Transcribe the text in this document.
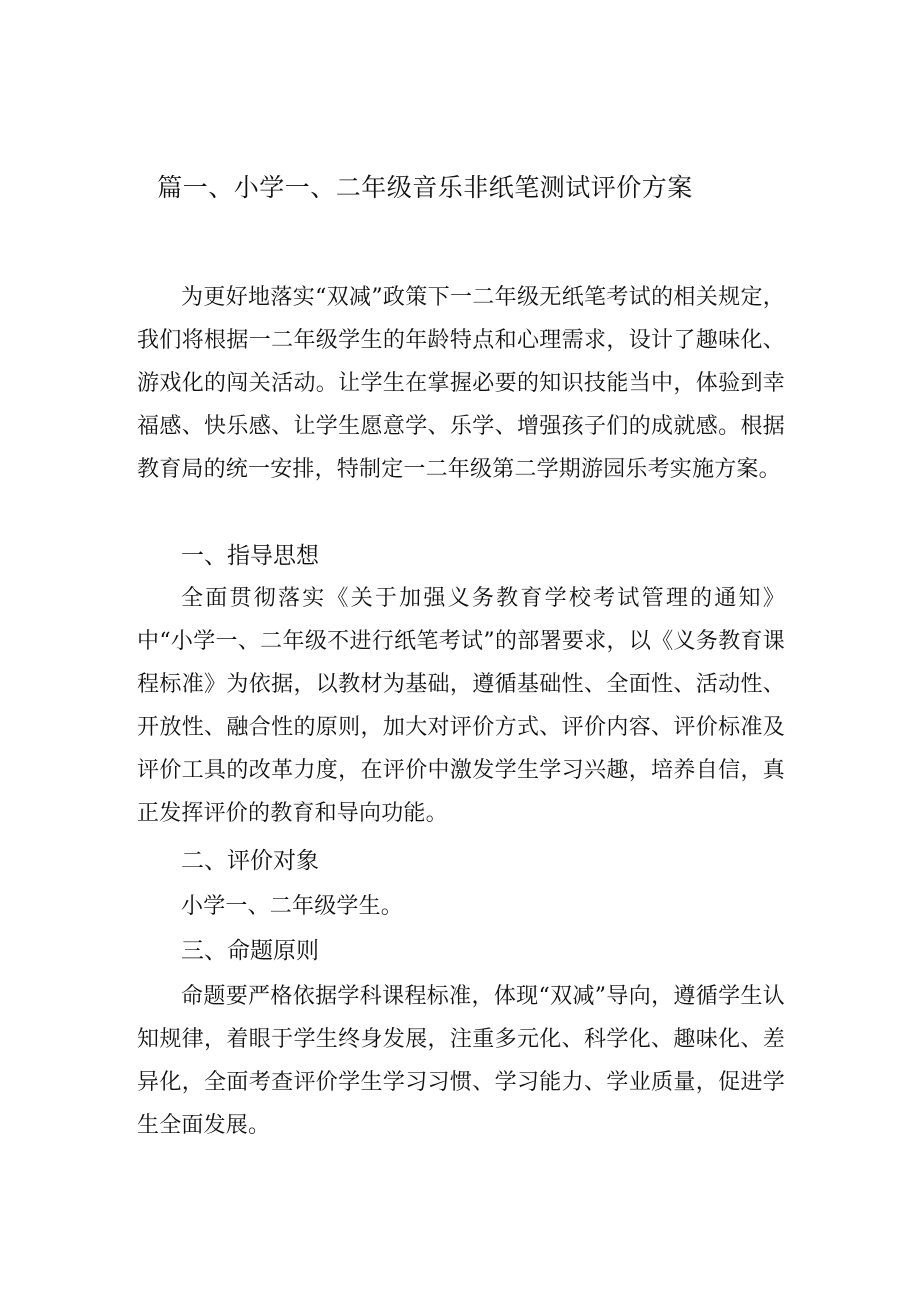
篇一、小学一、二年级音乐非纸笔测试评价方案

为更好地落实“双减”政策下一二年级无纸笔考试的相关规定，我们将根据一二年级学生的年龄特点和心理需求，设计了趣味化、游戏化的闯关活动。让学生在掌握必要的知识技能当中，体验到幸福感、快乐感、让学生愿意学、乐学、增强孩子们的成就感。根据教育局的统一安排，特制定一二年级第二学期游园乐考实施方案。

一、指导思想

全面贯彻落实《关于加强义务教育学校考试管理的通知》中“小学一、二年级不进行纸笔考试”的部署要求，以《义务教育课程标准》为依据，以教材为基础，遵循基础性、全面性、活动性、开放性、融合性的原则，加大对评价方式、评价内容、评价标准及评价工具的改革力度，在评价中激发学生学习兴趣，培养自信，真正发挥评价的教育和导向功能。

二、评价对象

小学一、二年级学生。

三、命题原则

命题要严格依据学科课程标准，体现“双减”导向，遵循学生认知规律，着眼于学生终身发展，注重多元化、科学化、趣味化、差异化，全面考查评价学生学习习惯、学习能力、学业质量，促进学生全面发展。
